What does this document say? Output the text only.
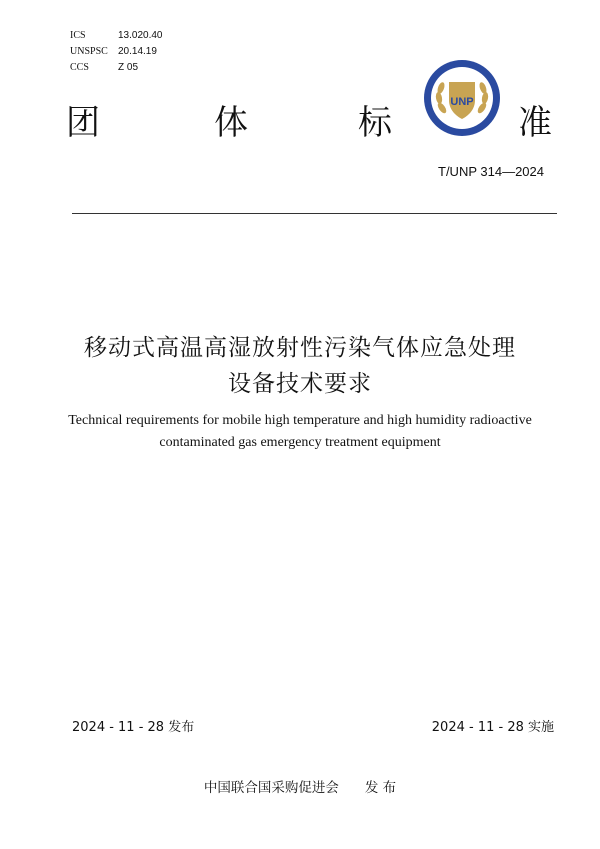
ICS	13.020.40
UNSPSC	20.14.19
CCS	Z 05
UNP
团	体	标	准
T/UNP 314—2024
移动式高温高湿放射性污染气体应急处理
设备技术要求
Technical requirements for mobile high temperature and high humidity radioactive
contaminated gas emergency treatment equipment
2024 - 11 - 28 发布	2024 - 11 - 28 实施
中国联合国采购促进会 发 布
